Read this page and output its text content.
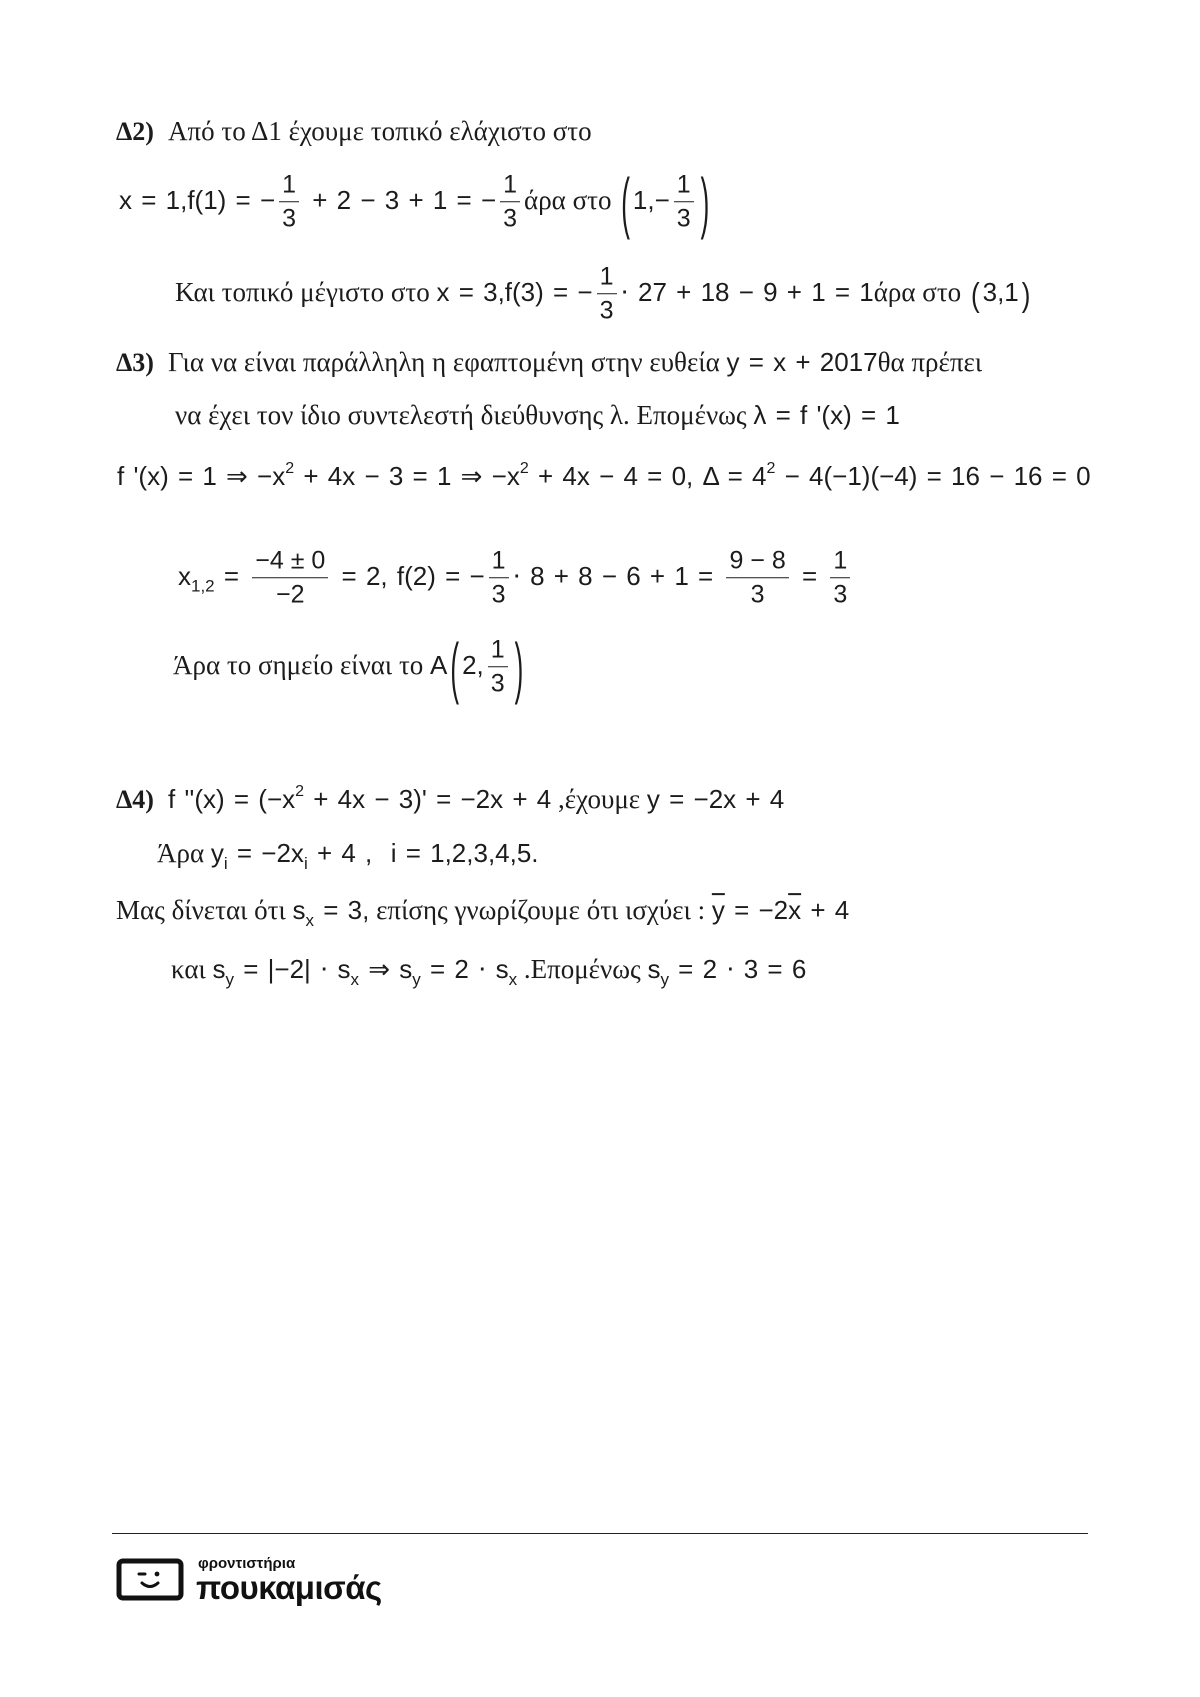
Δ2) Από το Δ1 έχουμε τοπικό ελάχιστο στο
x = 1,f(1) = − $\frac{1}{3} + 2 - 3 + 1$ = − $\frac{1}{3}$ άρα στο ( $1,- \frac{1}{3}$ )
Και τοπικό μέγιστο στο x = 3,f(3) = − $\frac{1}{3} \cdot 27 + 18 - 9 + 1 = 1ά\rho\alpha$ στο ( 3,1 )
Δ3) Για να είναι παράλληλη η εφαπτομένη στην ευθεία y = x + 2017θα πρέπει
να έχει τον ίδιο συντελεστή διεύθυνσης λ. Επομένως λ = f '(x) = 1
f '(x) = 1 ⇒ $-x^2 + 4x - 3 = 1$ ⇒ $-x^2 + 4x - 4 = 0$, $\Delta = 4^2 - 4(-1)(-4) = 16 - 16 = 0$
$x_{1,2} = \frac{-4 \pm 0}{-2} = 2$, f(2) = − $\frac{1}{3} \cdot 8 + 8 - 6 + 1 = \frac{9 - 8}{3} = \frac{1}{3}$
Άρα το σημείο είναι το A ( 2, $\frac{1}{3}$ )
Δ4) f ''$(x) = (-x^2 + 4x - 3)' = -2x + 4$ ,έχουμε y = −2x + 4
Άρα $y_i = -2x_i + 4$ ,  i = 1,2,3,4,5.
Μας δίνεται ότι $s_x = 3$, επίσης γνωρίζουμε ότι ισχύει : $\overline{y} = -2\overline{x} + 4$
και $s_y = |-2| \cdot s_x$ ⇒ $s_y = 2 \cdot s_x$ .Επομένως $s_y = 2 \cdot 3 = 6$
φροντιστήρια
πουκαμισάς
